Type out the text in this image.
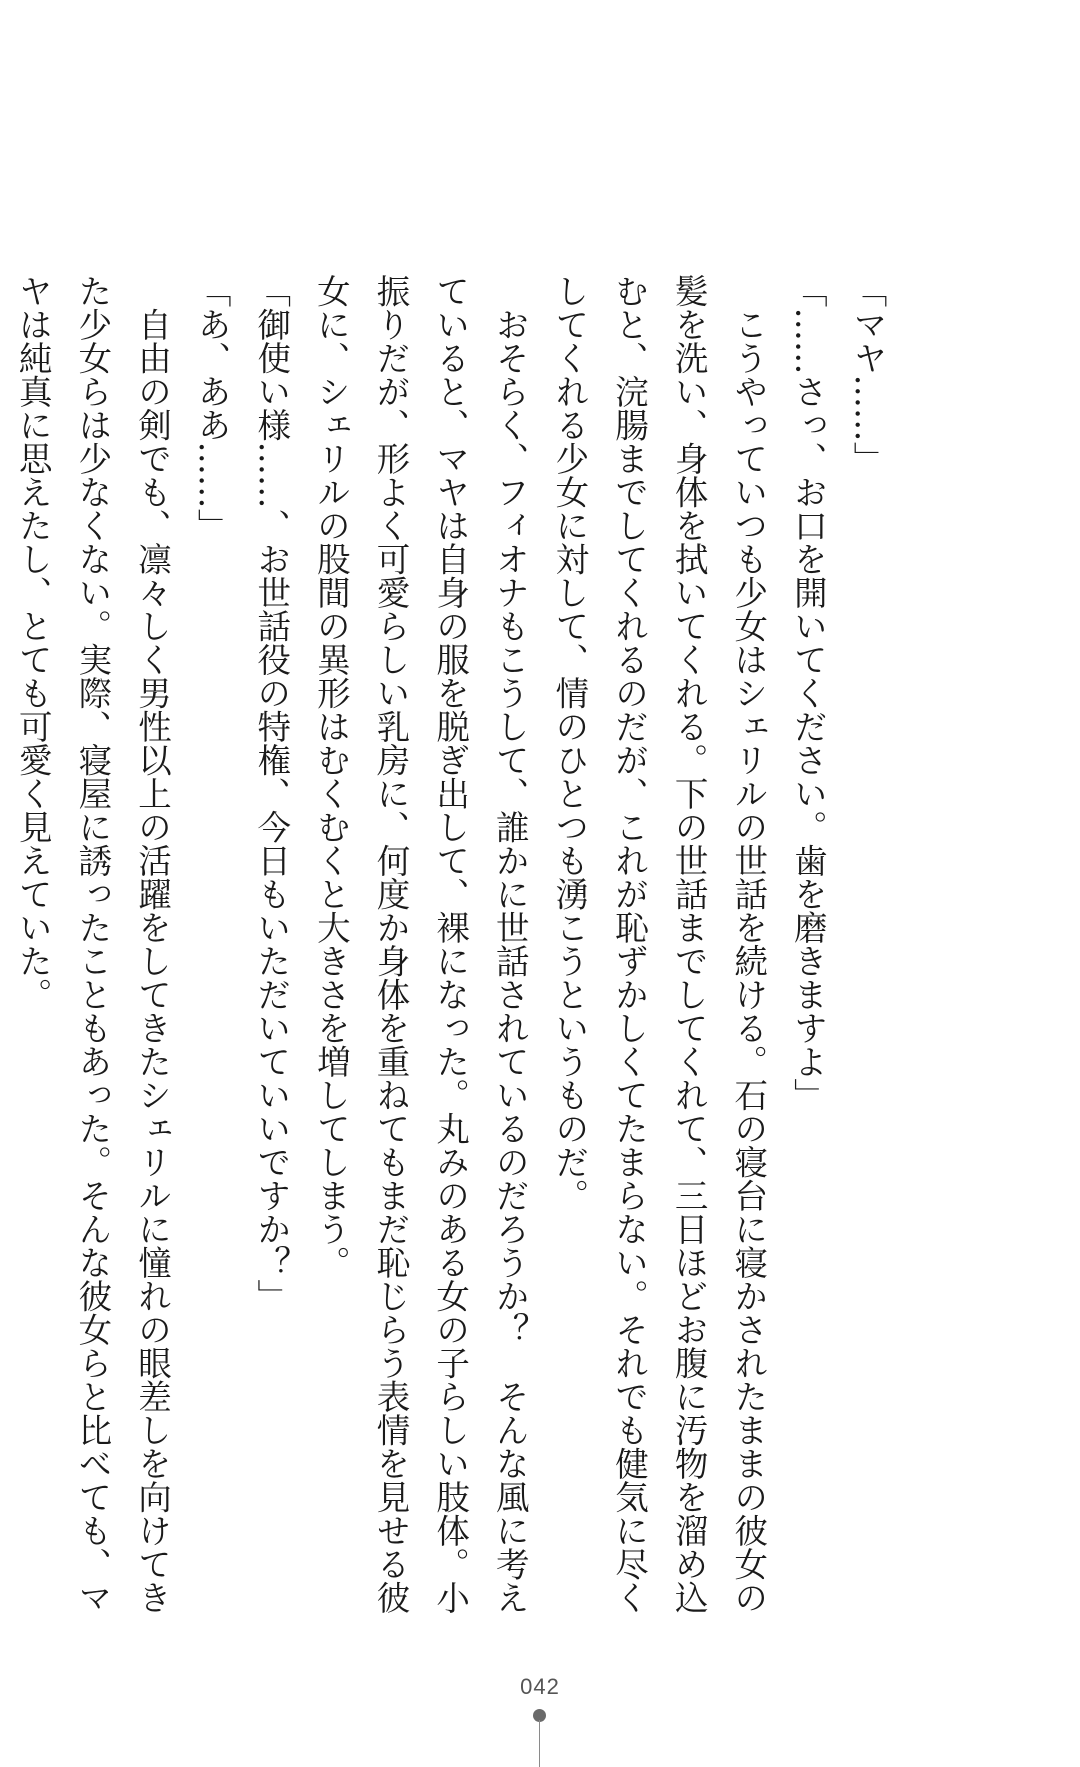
「マヤ……」
「……さっ、お口を開いてください。歯を磨きますよ」
　こうやっていつも少女はシェリルの世話を続ける。石の寝台に寝かされたままの彼女の
髪を洗い、身体を拭いてくれる。下の世話までしてくれて、三日ほどお腹に汚物を溜め込
むと、浣腸までしてくれるのだが、これが恥ずかしくてたまらない。それでも健気に尽く
してくれる少女に対して、情のひとつも湧こうというものだ。
　おそらく、フィオナもこうして、誰かに世話されているのだろうか？　そんな風に考え
ていると、マヤは自身の服を脱ぎ出して、裸になった。丸みのある女の子らしい肢体。小
振りだが、形よく可愛らしい乳房に、何度か身体を重ねてもまだ恥じらう表情を見せる彼
女に、シェリルの股間の異形はむくむくと大きさを増してしまう。
「御使い様……、お世話役の特権、今日もいただいていいですか？」
「あ、ああ……」
　自由の剣でも、凛々しく男性以上の活躍をしてきたシェリルに憧れの眼差しを向けてき
た少女らは少なくない。実際、寝屋に誘ったこともあった。そんな彼女らと比べても、マ
ヤは純真に思えたし、とても可愛く見えていた。
042
